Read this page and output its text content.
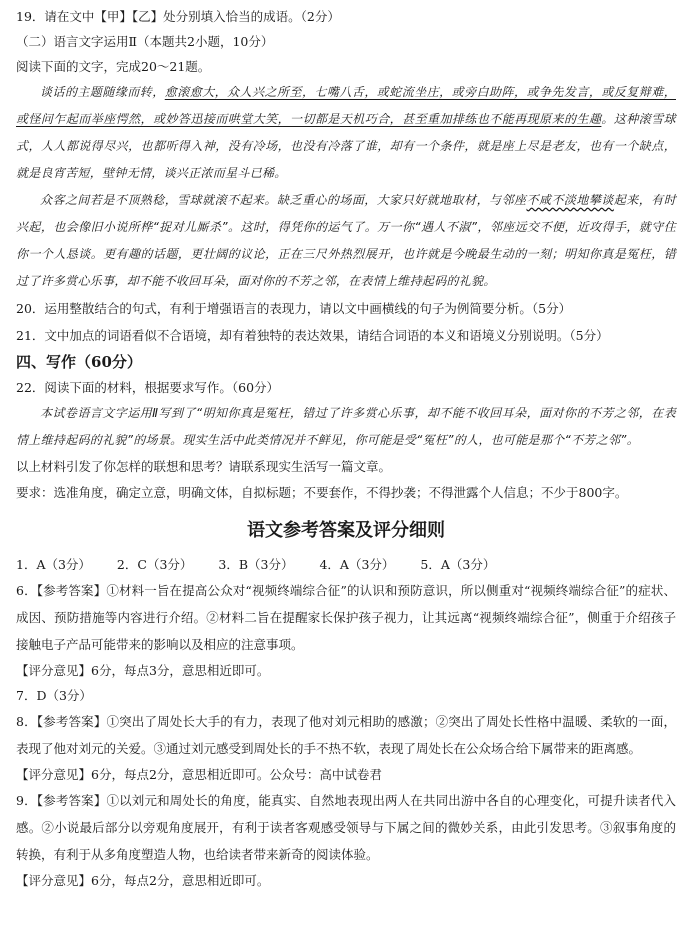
19．请在文中【甲】【乙】处分别填入恰当的成语。（2分）

（二）语言文字运用Ⅱ（本题共2小题，10分）

阅读下面的文字，完成20～21题。

谈话的主题随缘而转，愈滚愈大，众人兴之所至，七嘴八舌，或蛇流坐庄，或旁白助阵，或争先发言，或反复辩难，或怪问乍起而举座愕然，或妙答迅接而哄堂大笑，一切都是天机巧合，甚至重加排练也不能再现原来的生趣。这种滚雪球式，人人都说得尽兴，也都听得入神，没有冷场，也没有冷落了谁，却有一个条件，就是座上尽是老友，也有一个缺点，就是良宵苦短，壁钟无情，谈兴正浓而星斗已稀。

众客之间若是不顶熟稔，雪球就滚不起来。缺乏重心的场面，大家只好就地取材，与邻座不咸不淡地攀谈起来，有时兴起，也会像旧小说所桦“捉对儿厮杀”。这时，得凭你的运气了。万一你“遇人不淑”，邻座远交不便，近攻得手，就守住你一个人恳谈。更有趣的话题，更壮阔的议论，正在三尺外热烈展开，也许就是今晚最生动的一刻；明知你真是冤枉，错过了许多赏心乐事，却不能不收回耳朵，面对你的不芳之邻，在表情上维持起码的礼貌。

20．运用整散结合的句式，有利于增强语言的表现力，请以文中画横线的句子为例简要分析。（5分）

21．文中加点的词语看似不合语境，却有着独特的表达效果，请结合词语的本义和语境义分别说明。（5分）

四、写作（60分）

22．阅读下面的材料，根据要求写作。（60分）

本试卷语言文字运用Ⅱ写到了“明知你真是冤枉，错过了许多赏心乐事，却不能不收回耳朵，面对你的不芳之邻，在表情上维持起码的礼貌”的场景。现实生活中此类情况并不鲜见，你可能是受“冤枉”的人，也可能是那个“不芳之邻”。

以上材料引发了你怎样的联想和思考？请联系现实生活写一篇文章。

要求：选准角度，确定立意，明确文体，自拟标题；不要套作，不得抄袭；不得泄露个人信息；不少于800字。

语文参考答案及评分细则

1．A（3分） 2．C（3分） 3．B（3分） 4．A（3分） 5．A（3分）

6．【参考答案】①材料一旨在提高公众对“视频终端综合征”的认识和预防意识，所以侧重对“视频终端综合征”的症状、成因、预防措施等内容进行介绍。②材料二旨在提醒家长保护孩子视力，让其远离“视频终端综合征”，侧重于介绍孩子接触电子产品可能带来的影响以及相应的注意事项。

【评分意见】6分，每点3分，意思相近即可。

7．D（3分）

8．【参考答案】①突出了周处长大手的有力，表现了他对刘元相助的感激；②突出了周处长性格中温暖、柔软的一面，表现了他对刘元的关爱。③通过刘元感受到周处长的手不热不软，表现了周处长在公众场合给下属带来的距离感。

【评分意见】6分，每点2分，意思相近即可。公众号：高中试卷君

9．【参考答案】①以刘元和周处长的角度，能真实、自然地表现出两人在共同出游中各自的心理变化，可提升读者代入感。②小说最后部分以旁观角度展开，有利于读者客观感受领导与下属之间的微妙关系，由此引发思考。③叙事角度的转换，有利于从多角度塑造人物，也给读者带来新奇的阅读体验。

【评分意见】6分，每点2分，意思相近即可。
